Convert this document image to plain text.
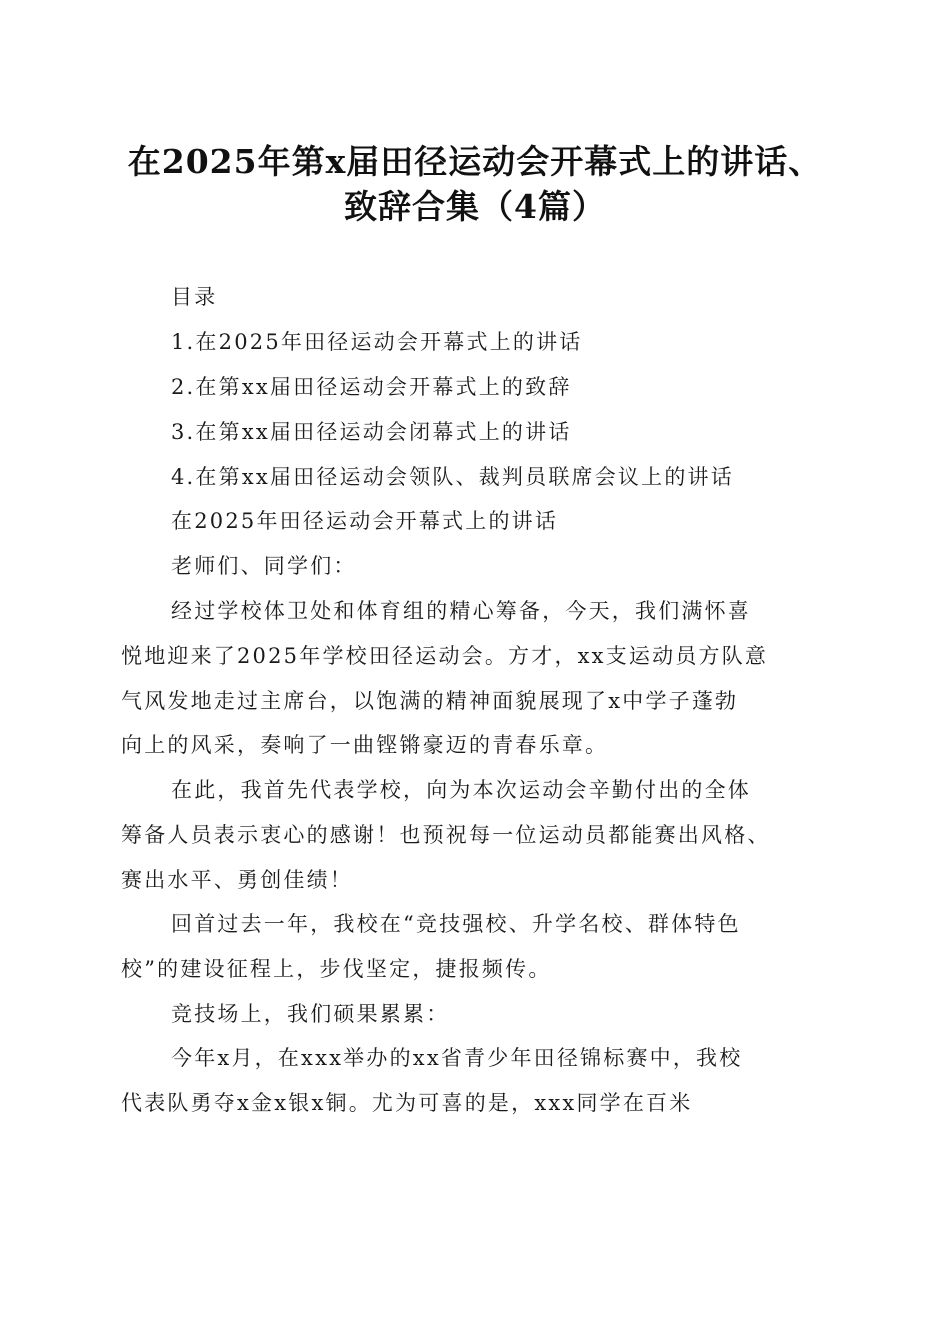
在2025年第x届田径运动会开幕式上的讲话、
致辞合集（4篇）
目录
1.在2025年田径运动会开幕式上的讲话
2.在第xx届田径运动会开幕式上的致辞
3.在第xx届田径运动会闭幕式上的讲话
4.在第xx届田径运动会领队、裁判员联席会议上的讲话
在2025年田径运动会开幕式上的讲话
老师们、同学们：
经过学校体卫处和体育组的精心筹备，今天，我们满怀喜
悦地迎来了2025年学校田径运动会。方才，xx支运动员方队意
气风发地走过主席台，以饱满的精神面貌展现了x中学子蓬勃
向上的风采，奏响了一曲铿锵豪迈的青春乐章。
在此，我首先代表学校，向为本次运动会辛勤付出的全体
筹备人员表示衷心的感谢！也预祝每一位运动员都能赛出风格、
赛出水平、勇创佳绩！
回首过去一年，我校在“竞技强校、升学名校、群体特色
校”的建设征程上，步伐坚定，捷报频传。
竞技场上，我们硕果累累：
今年x月，在xxx举办的xx省青少年田径锦标赛中，我校
代表队勇夺x金x银x铜。尤为可喜的是，xxx同学在百米
